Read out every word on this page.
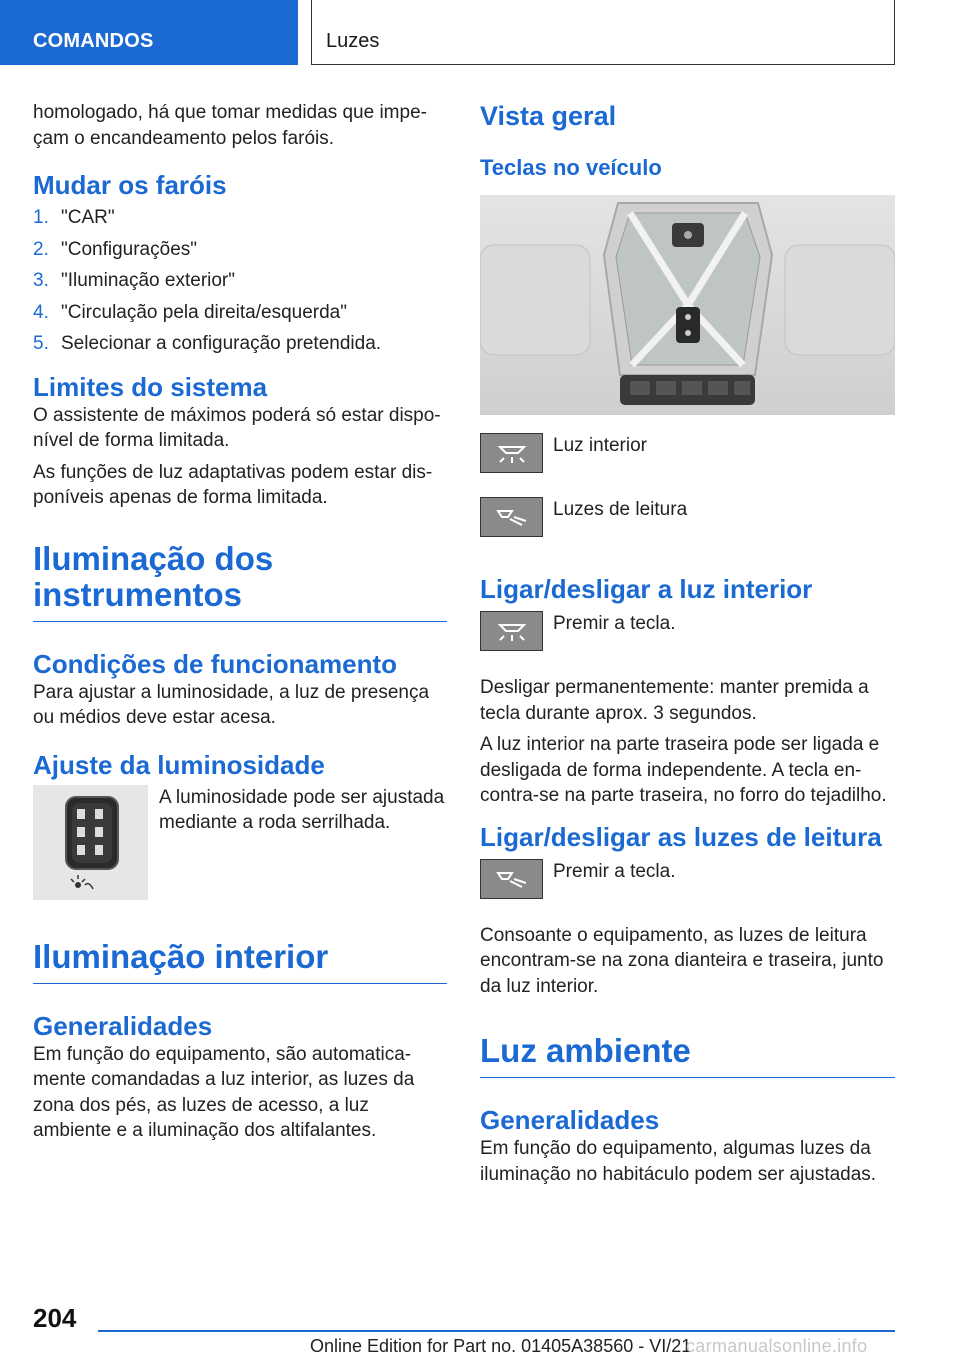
COMANDOS	Luzes

homologado, há que tomar medidas que impe-
çam o encandeamento pelos faróis.

Mudar os faróis
1. "CAR"
2. "Configurações"
3. "Iluminação exterior"
4. "Circulação pela direita/esquerda"
5. Selecionar a configuração pretendida.
Limites do sistema

O assistente de máximos poderá só estar dispo-
nível de forma limitada.

As funções de luz adaptativas podem estar dis-
poníveis apenas de forma limitada.

Iluminação dos instrumentos
Condições de funcionamento

Para ajustar a luminosidade, a luz de presença ou médios deve estar acesa.

Ajuste da luminosidade

A luminosidade pode ser ajustada mediante a roda serrilhada.

Iluminação interior
Generalidades

Em função do equipamento, são automatica-
mente comandadas a luz interior, as luzes da zona dos pés, as luzes de acesso, a luz ambiente e a iluminação dos altifalantes.

Vista geral
Teclas no veículo

Luz interior

Luzes de leitura

Ligar/desligar a luz interior

Premir a tecla.

Desligar permanentemente: manter premida a tecla durante aprox. 3 segundos.

A luz interior na parte traseira pode ser ligada e desligada de forma independente. A tecla en-
contra-se na parte traseira, no forro do tejadilho.

Ligar/desligar as luzes de leitura

Premir a tecla.

Consoante o equipamento, as luzes de leitura encontram-se na zona dianteira e traseira, junto da luz interior.

Luz ambiente
Generalidades

Em função do equipamento, algumas luzes da iluminação no habitáculo podem ser ajustadas.

204
Online Edition for Part no. 01405A38560 - VI/21
carmanualsonline.info
